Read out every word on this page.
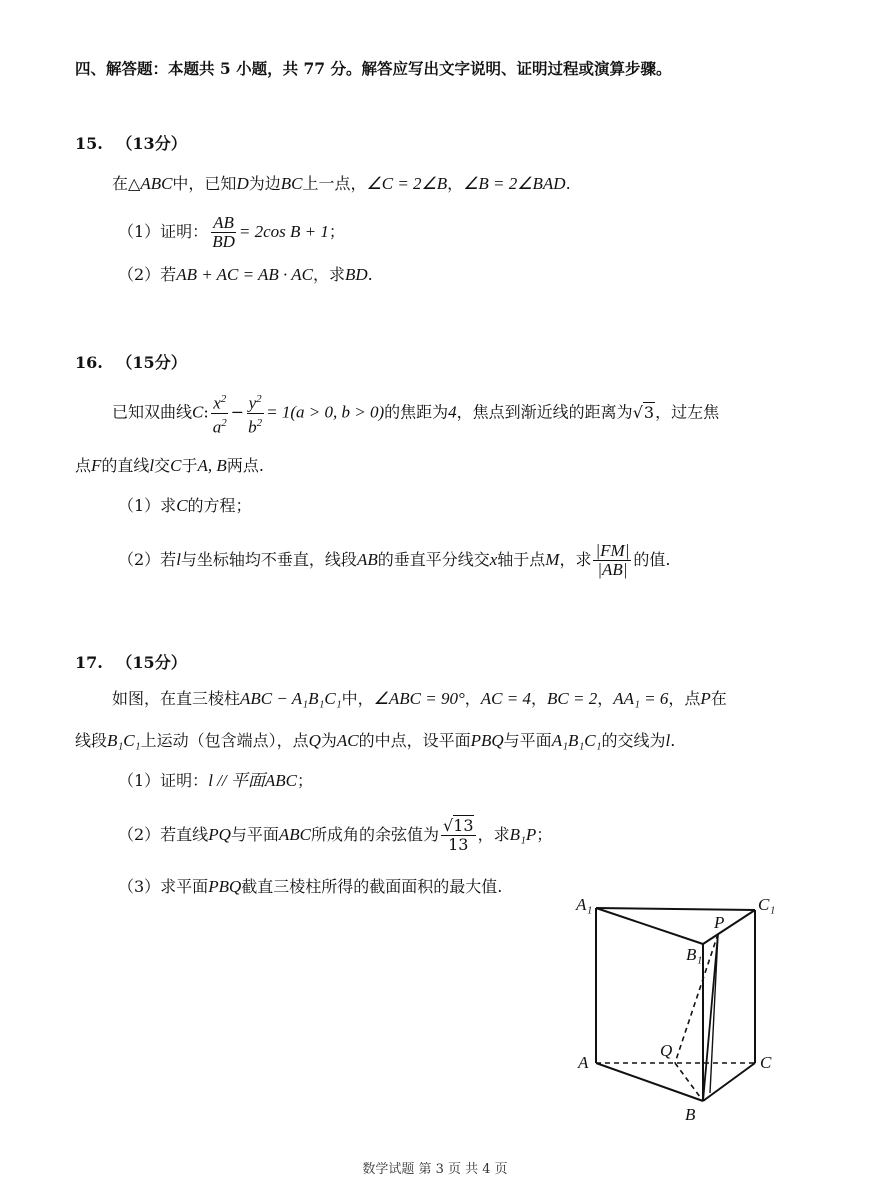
四、解答题：本题共 5 小题，共 77 分。解答应写出文字说明、证明过程或演算步骤。
15. （13分）
在△ABC中，已知D为边BC上一点，∠C = 2∠B，∠B = 2∠BAD.
（1）证明： $\frac{AB}{BD} = 2\cos$ B + 1；
（2）若AB + AC = AB · AC，求BD.
16. （15分）
已知双曲线C: $\frac{x^2}{a^2} - \frac{y^2}{b^2} = 1(a > 0$, b > 0)的焦距为4，焦点到渐近线的距离为√3，过左焦
点F的直线l交C于A, B两点.
（1）求C的方程；
（2）若l与坐标轴均不垂直，线段AB的垂直平分线交x轴于点M，求 $\frac{|FM|}{|AB|}$ 的值.
17. （15分）
如图，在直三棱柱ABC − A₁B₁C₁中，∠ABC = 90°，AC = 4，BC = 2，AA₁ = 6，点P在
线段B₁C₁上运动（包含端点），点Q为AC的中点，设平面PBQ与平面A₁B₁C₁的交线为l.
（1）证明：l // 平面ABC；
（2）若直线PQ与平面ABC所成角的余弦值为 $\frac{√13}{13}$ ，求B₁P；
（3）求平面PBQ截直三棱柱所得的截面面积的最大值.
A₁	C₁
P
B₁
Q
A	C
B
数学试题 第 3 页 共 4 页
